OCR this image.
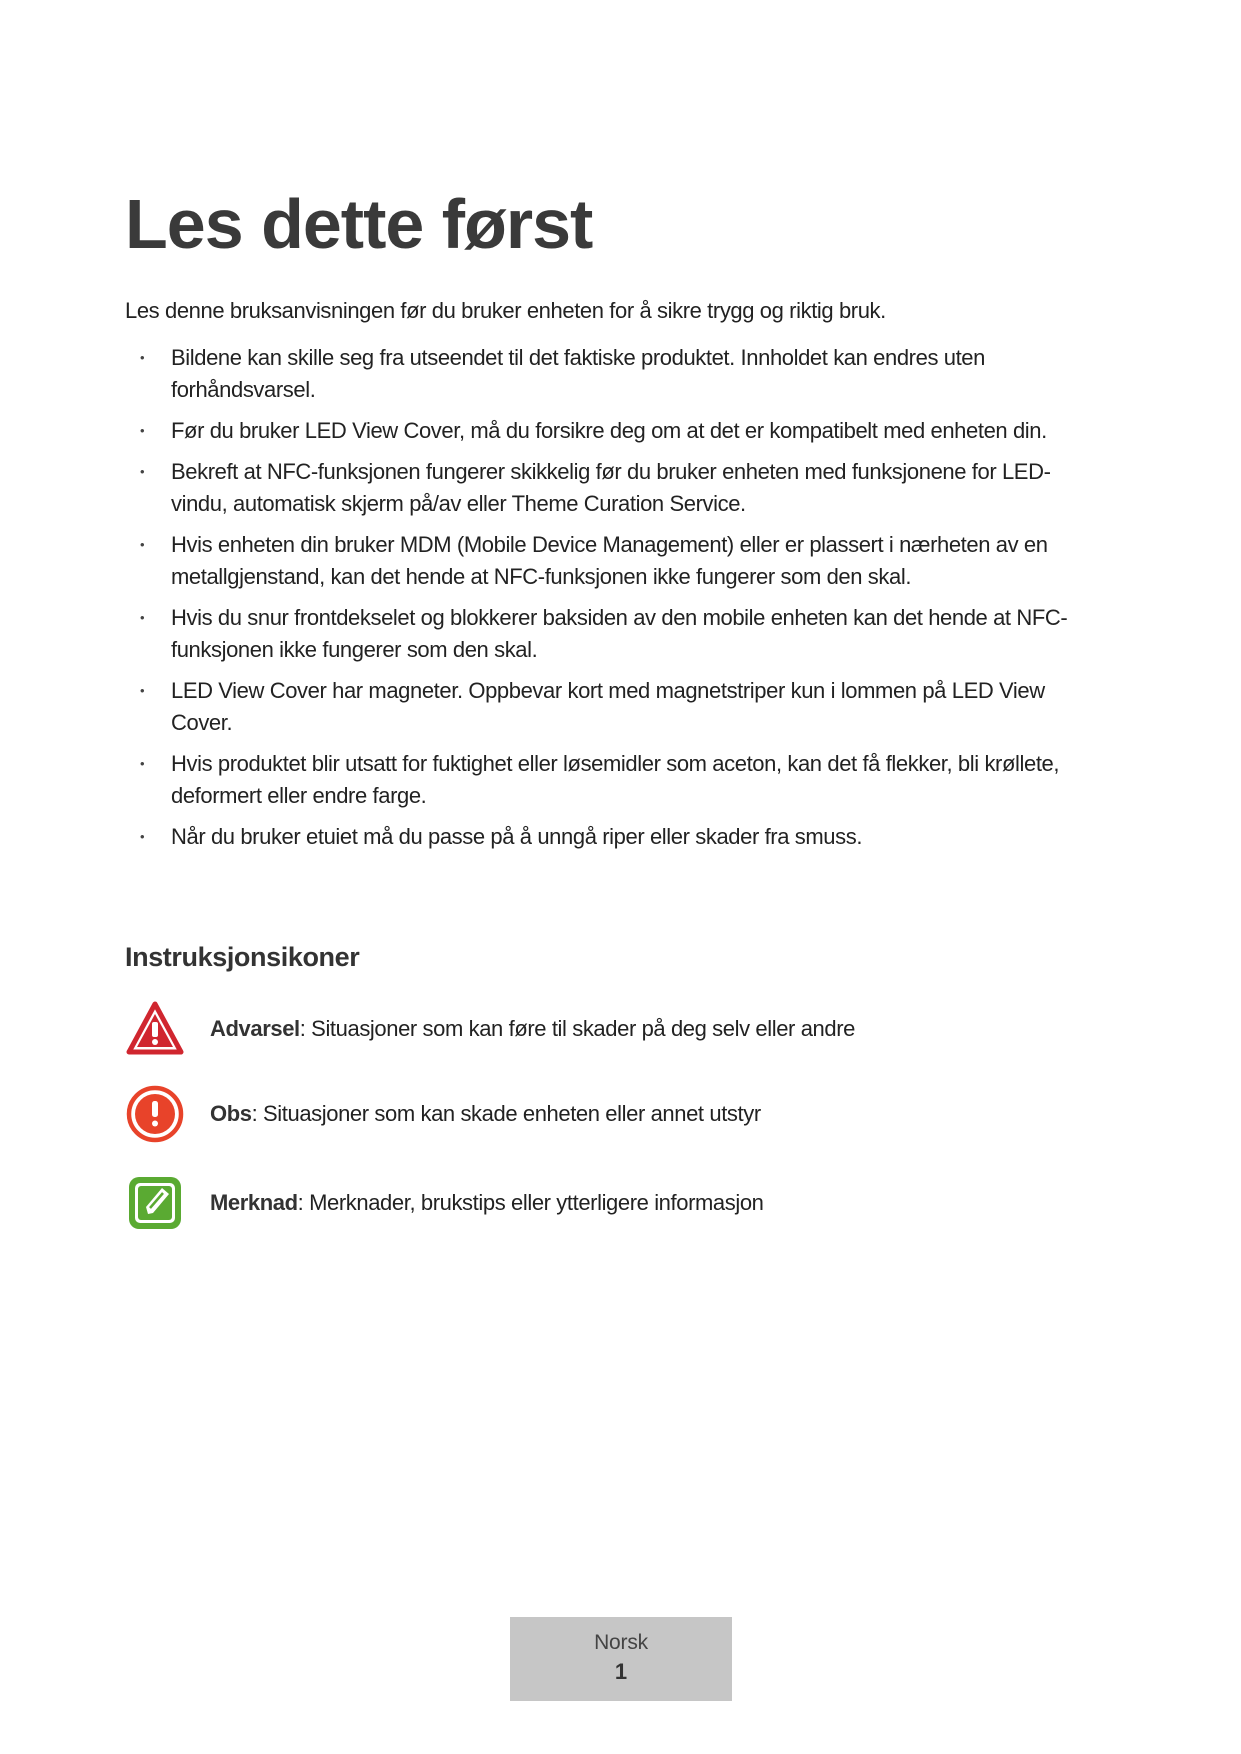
Les dette først

Les denne bruksanvisningen før du bruker enheten for å sikre trygg og riktig bruk.

• Bildene kan skille seg fra utseendet til det faktiske produktet. Innholdet kan endres uten forhåndsvarsel.
• Før du bruker LED View Cover, må du forsikre deg om at det er kompatibelt med enheten din.
• Bekreft at NFC-funksjonen fungerer skikkelig før du bruker enheten med funksjonene for LED-vindu, automatisk skjerm på/av eller Theme Curation Service.
• Hvis enheten din bruker MDM (Mobile Device Management) eller er plassert i nærheten av en metallgjenstand, kan det hende at NFC-funksjonen ikke fungerer som den skal.
• Hvis du snur frontdekselet og blokkerer baksiden av den mobile enheten kan det hende at NFC-funksjonen ikke fungerer som den skal.
• LED View Cover har magneter. Oppbevar kort med magnetstriper kun i lommen på LED View Cover.
• Hvis produktet blir utsatt for fuktighet eller løsemidler som aceton, kan det få flekker, bli krøllete, deformert eller endre farge.
• Når du bruker etuiet må du passe på å unngå riper eller skader fra smuss.
Instruksjonsikoner
Advarsel: Situasjoner som kan føre til skader på deg selv eller andre
Obs: Situasjoner som kan skade enheten eller annet utstyr
Merknad: Merknader, brukstips eller ytterligere informasjon
Norsk
1
